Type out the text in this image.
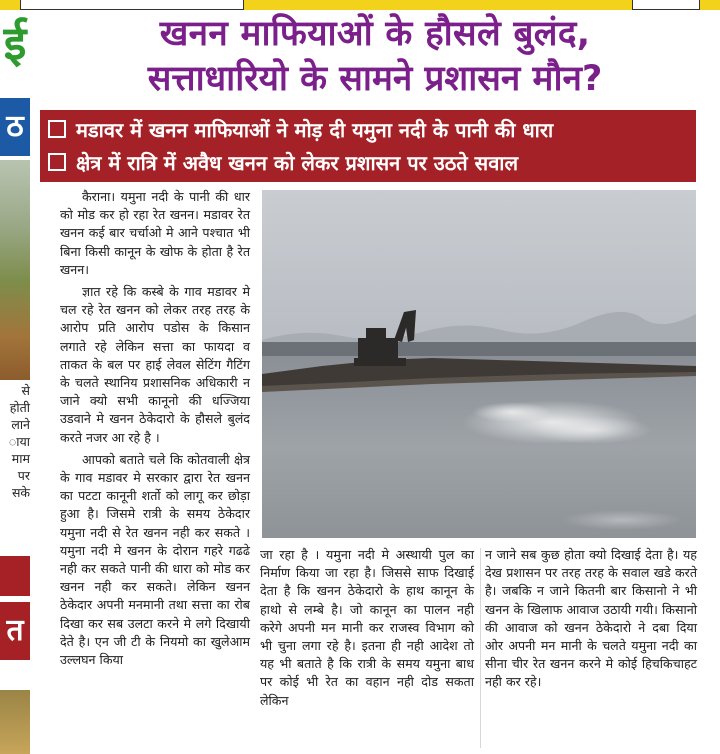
ई
ठ
से
होती
लाने
ाया
माम
पर
सके
त
खनन माफियाओं के हौसले बुलंद,
सत्ताधारियो के सामने प्रशासन मौन?
मडावर में खनन माफियाओं ने मोड़ दी यमुना नदी के पानी की धारा
क्षेत्र में रात्रि में अवैध खनन को लेकर प्रशासन पर उठते सवाल

कैराना। यमुना नदी के पानी की धार को मोड कर हो रहा रेत खनन। मडावर रेत खनन कई बार चर्चाओ मे आने पश्चात भी बिना किसी कानून के खोफ के होता है रेत खनन।

ज्ञात रहे कि कस्बे के गाव मडावर मे चल रहे रेत खनन को लेकर तरह तरह के आरोप प्रति आरोप पडोस के किसान लगाते रहे लेकिन सत्ता का फायदा व ताकत के बल पर हाई लेवल सेटिंग गैटिंग के चलते स्थानिय प्रशासनिक अधिकारी न जाने क्यो सभी कानूनो की धज्जिया उडवाने मे खनन ठेकेदारो के हौसले बुलंद करते नजर आ रहे है ।

आपको बताते चले कि कोतवाली क्षेत्र के गाव मडावर मे सरकार द्वारा रेत खनन का पटटा कानूनी शर्तो को लागू कर छोड़ा हुआ है। जिसमे रात्री के समय ठेकेदार यमुना नदी से रेत खनन नही कर सकते । यमुना नदी मे खनन के दोरान गहरे गढढे नही कर सकते पानी की धारा को मोड कर खनन नही कर सकते। लेकिन खनन ठेकेदार अपनी मनमानी तथा सत्ता का रोब दिखा कर सब उलटा करने मे लगे दिखायी देते है। एन जी टी के नियमो का खुलेआम उल्लघन किया

जा रहा है । यमुना नदी मे अस्थायी पुल का निर्माण किया जा रहा है। जिससे साफ दिखाई देता है कि खनन ठेकेदारो के हाथ कानून के हाथो से लम्बे है। जो कानून का पालन नही करेगे अपनी मन मानी कर राजस्व विभाग को भी चुना लगा रहे है। इतना ही नही आदेश तो यह भी बताते है कि रात्री के समय यमुना बाध पर कोई भी रेत का वहान नही दोड सकता लेकिन

न जाने सब कुछ होता क्यो दिखाई देता है। यह देख प्रशासन पर तरह तरह के सवाल खडे करते है। जबकि न जाने कितनी बार किसानो ने भी खनन के खिलाफ आवाज उठायी गयी। किसानो की आवाज को खनन ठेकेदारो ने दबा दिया ओर अपनी मन मानी के चलते यमुना नदी का सीना चीर रेत खनन करने मे कोई हिचकिचाहट नही कर रहे।
